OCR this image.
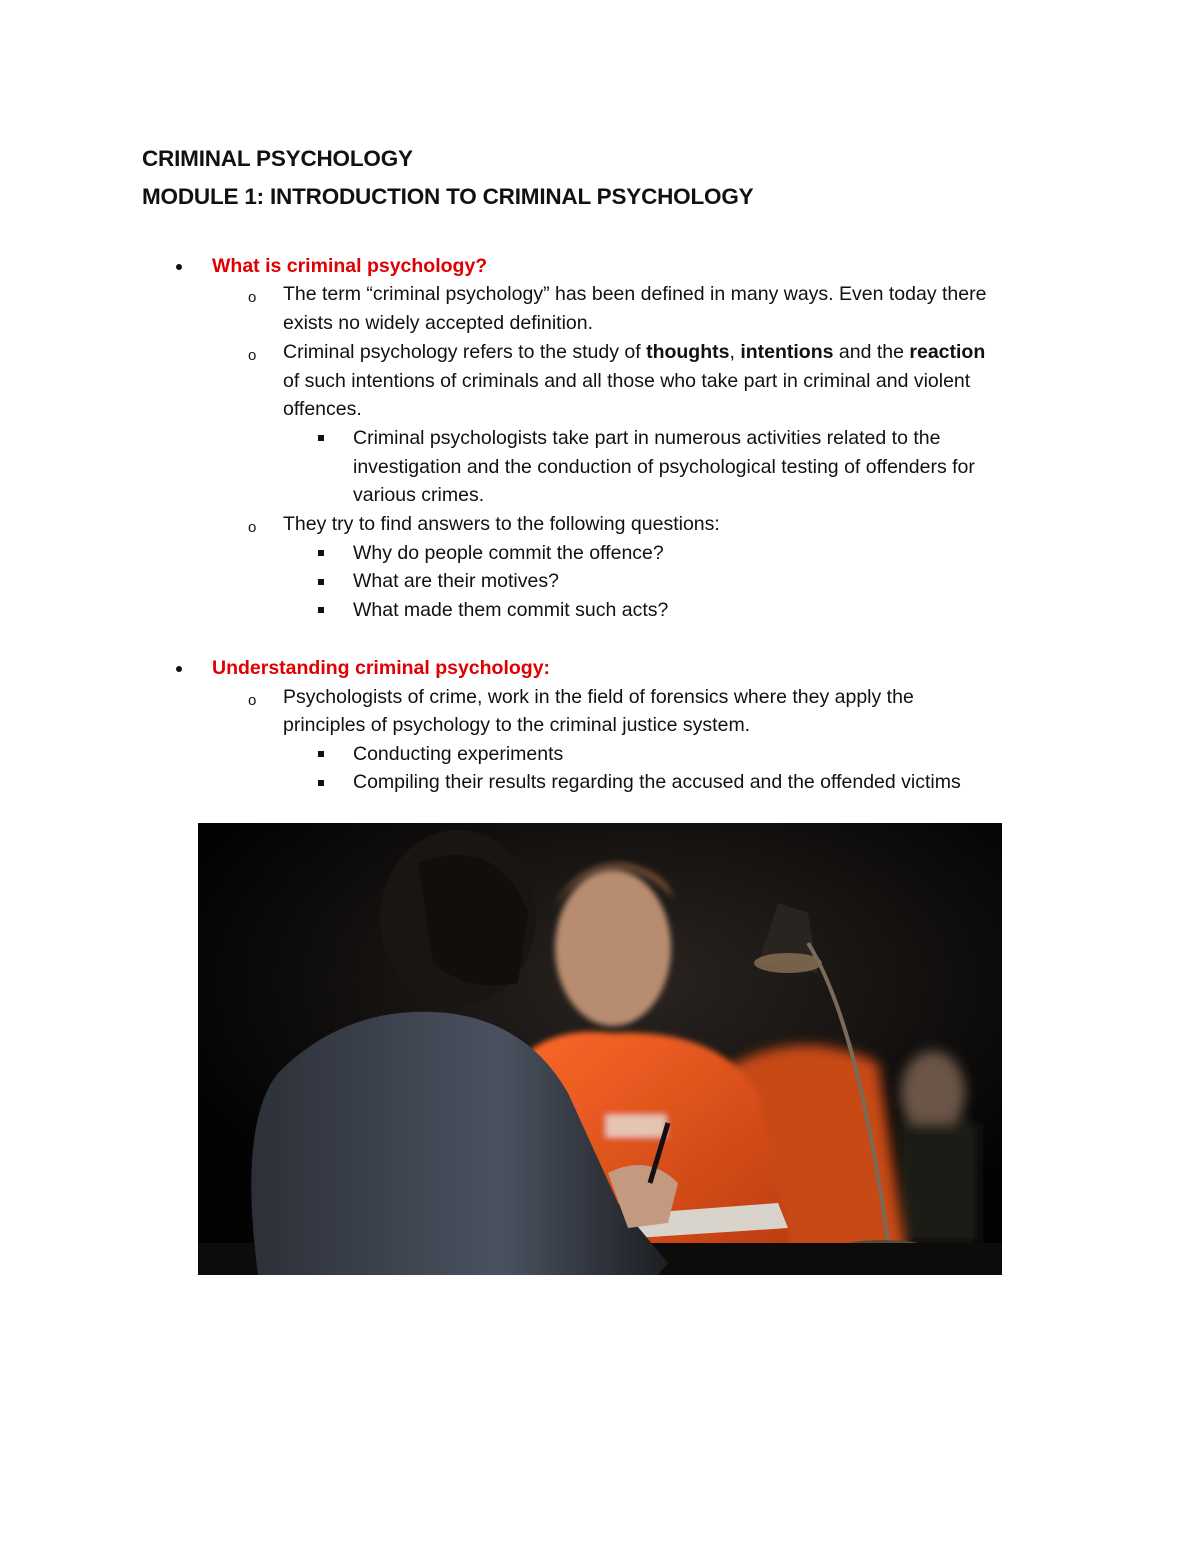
CRIMINAL PSYCHOLOGY
MODULE 1: INTRODUCTION TO CRIMINAL PSYCHOLOGY
What is criminal psychology?
o The term “criminal psychology” has been defined in many ways. Even today there
exists no widely accepted definition.
o Criminal psychology refers to the study of thoughts, intentions and the reaction
of such intentions of criminals and all those who take part in criminal and violent
offences.
Criminal psychologists take part in numerous activities related to the
investigation and the conduction of psychological testing of offenders for
various crimes.
o They try to find answers to the following questions:
Why do people commit the offence?
What are their motives?
What made them commit such acts?
Understanding criminal psychology:
o Psychologists of crime, work in the field of forensics where they apply the
principles of psychology to the criminal justice system.
Conducting experiments
Compiling their results regarding the accused and the offended victims
